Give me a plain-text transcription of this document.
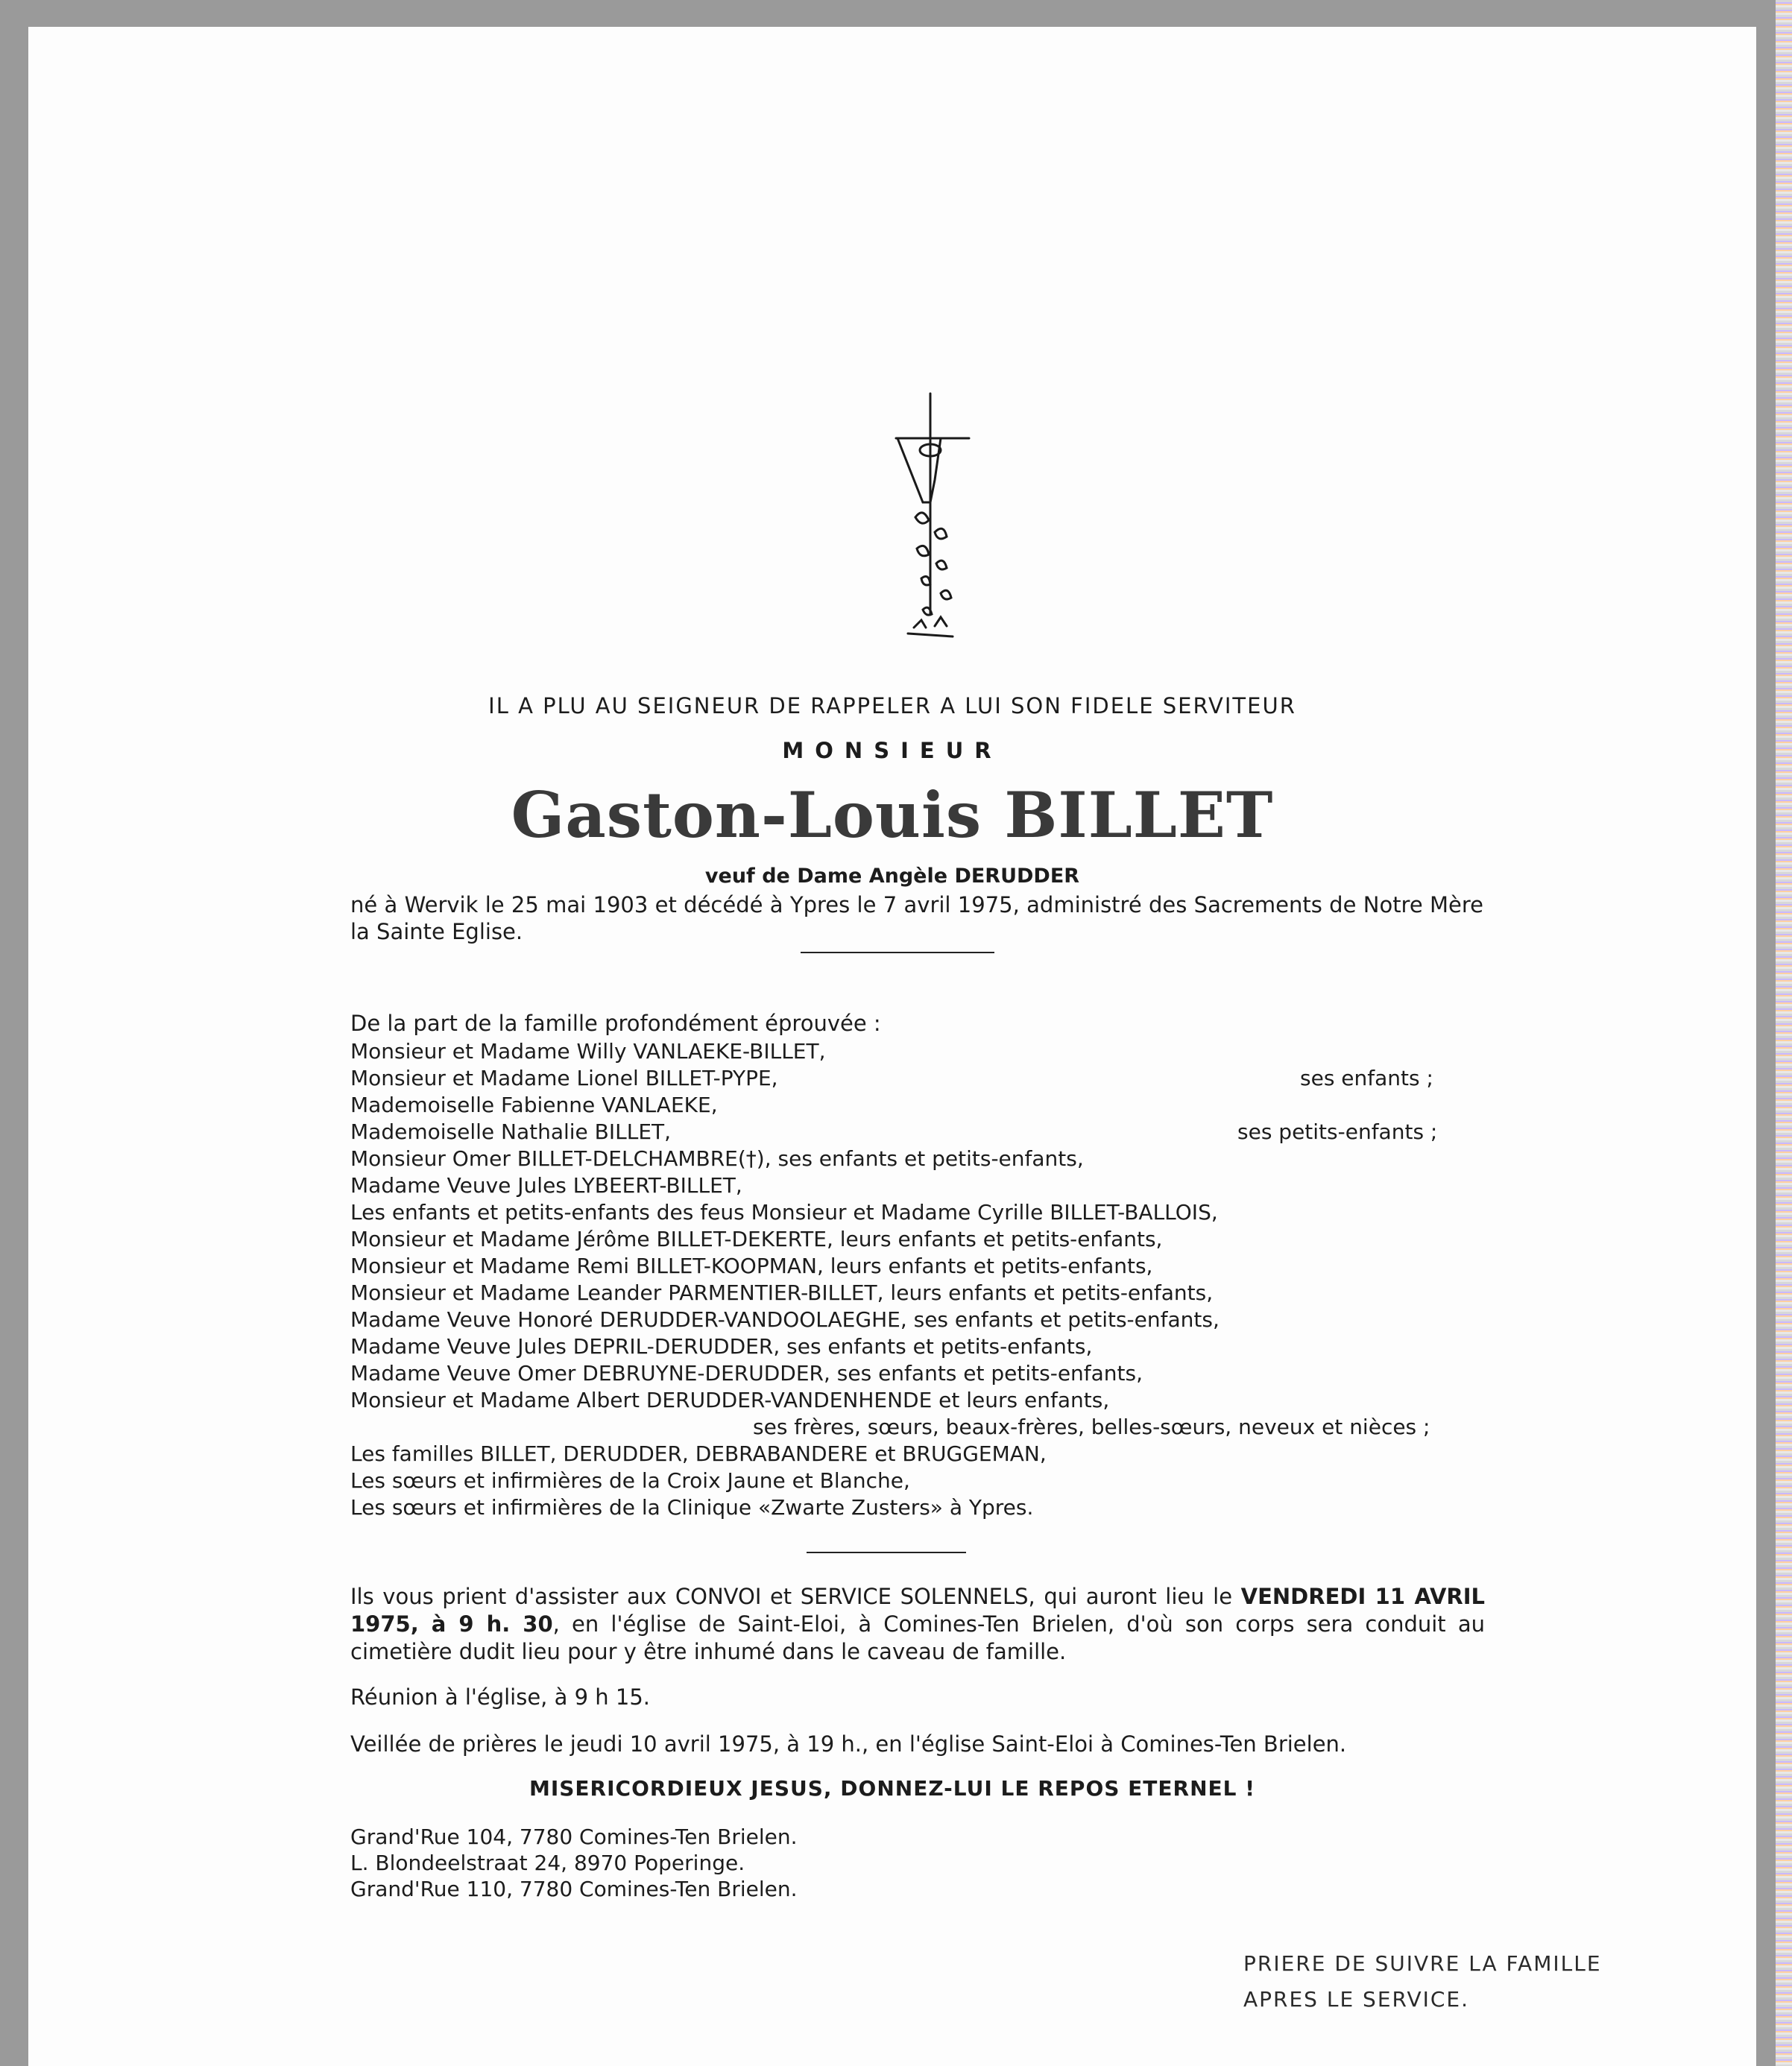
IL A PLU AU SEIGNEUR DE RAPPELER A LUI SON FIDELE SERVITEUR
MONSIEUR
Gaston-Louis BILLET
veuf de Dame Angèle DERUDDER
né à Wervik le 25 mai 1903 et décédé à Ypres le 7 avril 1975, administré des Sacrements de Notre Mère la Sainte Eglise.
De la part de la famille profondément éprouvée :
Monsieur et Madame Willy VANLAEKE-BILLET,
Monsieur et Madame Lionel BILLET-PYPE,
Mademoiselle Fabienne VANLAEKE,
Mademoiselle Nathalie BILLET,
Monsieur Omer BILLET-DELCHAMBRE(†), ses enfants et petits-enfants,
Madame Veuve Jules LYBEERT-BILLET,
Les enfants et petits-enfants des feus Monsieur et Madame Cyrille BILLET-BALLOIS,
Monsieur et Madame Jérôme BILLET-DEKERTE, leurs enfants et petits-enfants,
Monsieur et Madame Remi BILLET-KOOPMAN, leurs enfants et petits-enfants,
Monsieur et Madame Leander PARMENTIER-BILLET, leurs enfants et petits-enfants,
Madame Veuve Honoré DERUDDER-VANDOOLAEGHE, ses enfants et petits-enfants,
Madame Veuve Jules DEPRIL-DERUDDER, ses enfants et petits-enfants,
Madame Veuve Omer DEBRUYNE-DERUDDER, ses enfants et petits-enfants,
Monsieur et Madame Albert DERUDDER-VANDENHENDE et leurs enfants,
ses frères, sœurs, beaux-frères, belles-sœurs, neveux et nièces ;
Les familles BILLET, DERUDDER, DEBRABANDERE et BRUGGEMAN,
Les sœurs et infirmières de la Croix Jaune et Blanche,
Les sœurs et infirmières de la Clinique «Zwarte Zusters» à Ypres.
ses enfants ;
ses petits-enfants ;
Ils vous prient d'assister aux CONVOI et SERVICE SOLENNELS, qui auront lieu le VENDREDI 11 AVRIL 1975, à 9 h. 30, en l'église de Saint-Eloi, à Comines-Ten Brielen, d'où son corps sera conduit au cimetière dudit lieu pour y être inhumé dans le caveau de famille.
Réunion à l'église, à 9 h 15.
Veillée de prières le jeudi 10 avril 1975, à 19 h., en l'église Saint-Eloi à Comines-Ten Brielen.
MISERICORDIEUX JESUS, DONNEZ-LUI LE REPOS ETERNEL !
Grand'Rue 104, 7780 Comines-Ten Brielen.
L. Blondeelstraat 24, 8970 Poperinge.
Grand'Rue 110, 7780 Comines-Ten Brielen.
PRIERE DE SUIVRE LA FAMILLE
APRES LE SERVICE.
